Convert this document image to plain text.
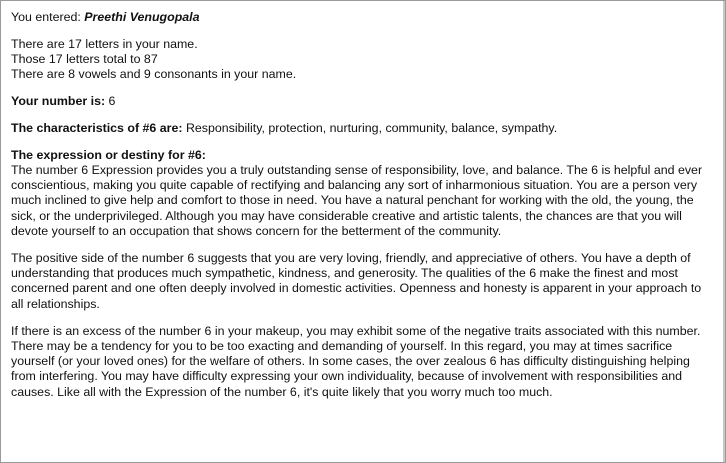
You entered: Preethi Venugopala

There are 17 letters in your name.

Those 17 letters total to 87

There are 8 vowels and 9 consonants in your name.

Your number is: 6

The characteristics of #6 are: Responsibility, protection, nurturing, community, balance, sympathy.

The expression or destiny for #6:

The number 6 Expression provides you a truly outstanding sense of responsibility, love, and balance. The 6 is helpful and ever conscientious, making you quite capable of rectifying and balancing any sort of inharmonious situation. You are a person very much inclined to give help and comfort to those in need. You have a natural penchant for working with the old, the young, the sick, or the underprivileged. Although you may have considerable creative and artistic talents, the chances are that you will devote yourself to an occupation that shows concern for the betterment of the community.

The positive side of the number 6 suggests that you are very loving, friendly, and appreciative of others. You have a depth of understanding that produces much sympathetic, kindness, and generosity. The qualities of the 6 make the finest and most concerned parent and one often deeply involved in domestic activities. Openness and honesty is apparent in your approach to all relationships.

If there is an excess of the number 6 in your makeup, you may exhibit some of the negative traits associated with this number. There may be a tendency for you to be too exacting and demanding of yourself. In this regard, you may at times sacrifice yourself (or your loved ones) for the welfare of others. In some cases, the over zealous 6 has difficulty distinguishing helping from interfering. You may have difficulty expressing your own individuality, because of involvement with responsibilities and causes. Like all with the Expression of the number 6, it's quite likely that you worry much too much.
